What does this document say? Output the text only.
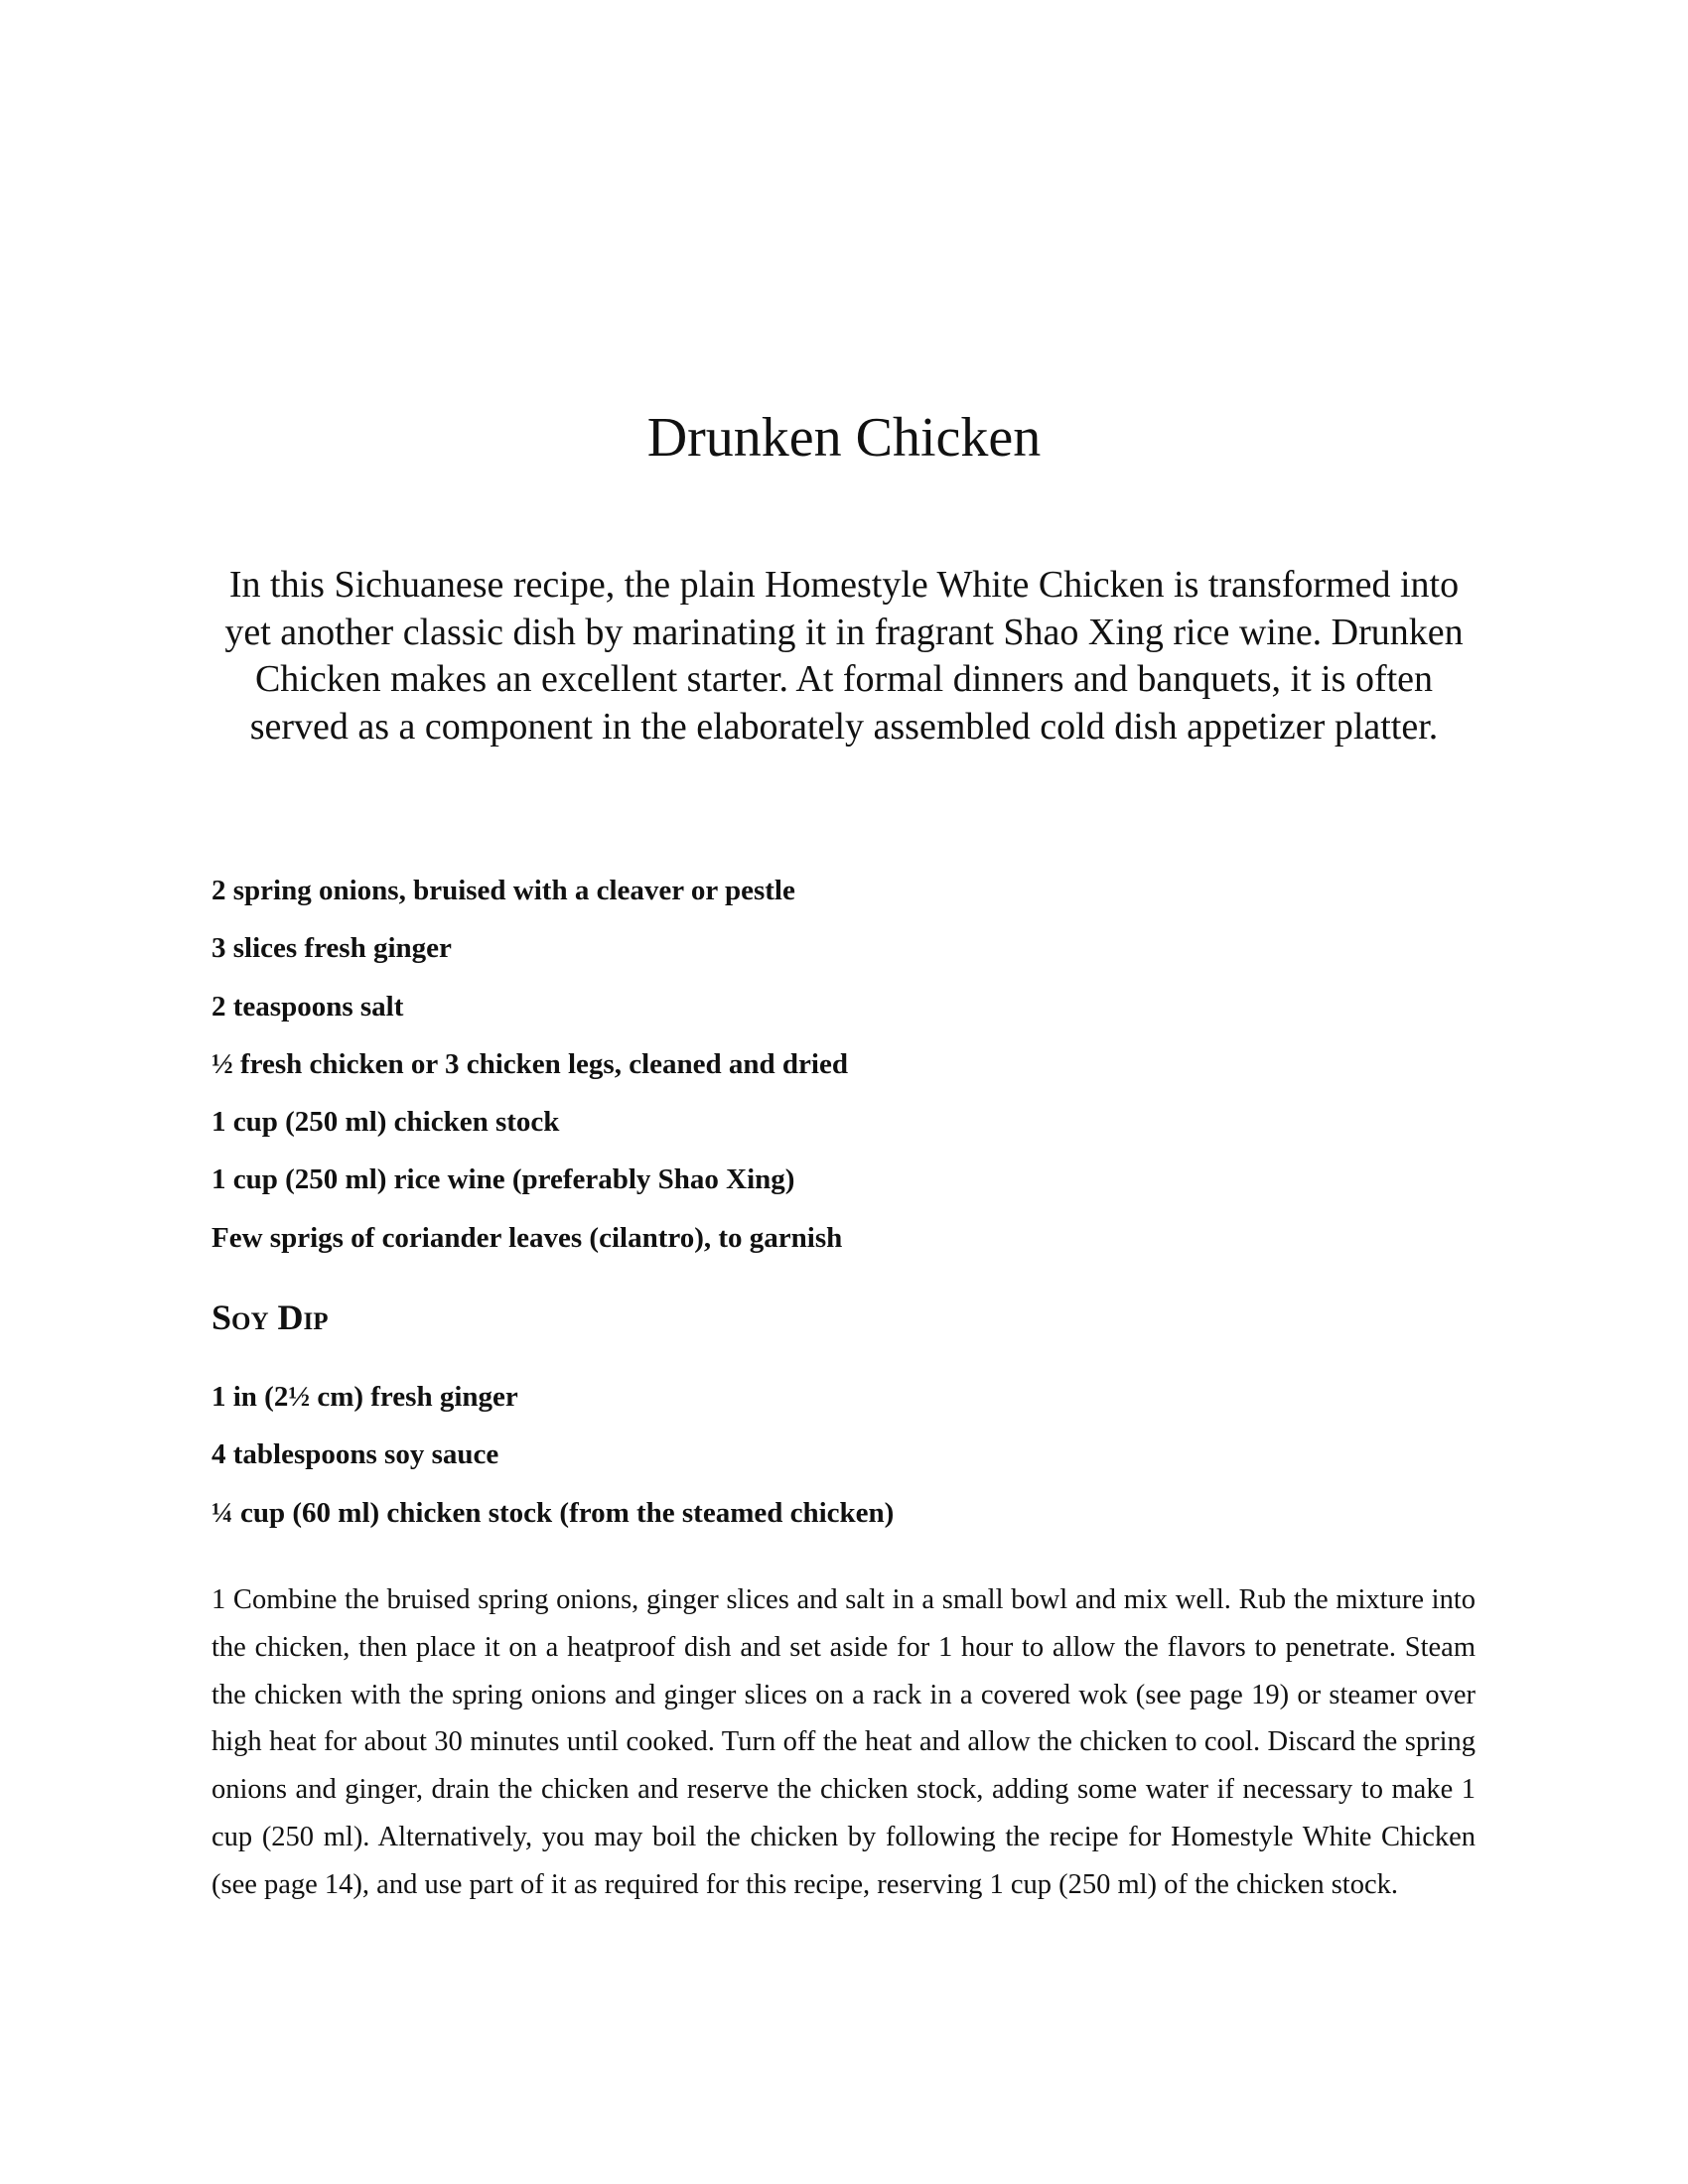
Drunken Chicken

In this Sichuanese recipe, the plain Homestyle White Chicken is transformed into yet another classic dish by marinating it in fragrant Shao Xing rice wine. Drunken Chicken makes an excellent starter. At formal dinners and banquets, it is often served as a component in the elaborately assembled cold dish appetizer platter.

2 spring onions, bruised with a cleaver or pestle
3 slices fresh ginger
2 teaspoons salt
½ fresh chicken or 3 chicken legs, cleaned and dried
1 cup (250 ml) chicken stock
1 cup (250 ml) rice wine (preferably Shao Xing)
Few sprigs of coriander leaves (cilantro), to garnish
Soy Dip
1 in (2½ cm) fresh ginger
4 tablespoons soy sauce
¼ cup (60 ml) chicken stock (from the steamed chicken)

1 Combine the bruised spring onions, ginger slices and salt in a small bowl and mix well. Rub the mixture into the chicken, then place it on a heatproof dish and set aside for 1 hour to allow the flavors to penetrate. Steam the chicken with the spring onions and ginger slices on a rack in a covered wok (see page 19) or steamer over high heat for about 30 minutes until cooked. Turn off the heat and allow the chicken to cool. Discard the spring onions and ginger, drain the chicken and reserve the chicken stock, adding some water if necessary to make 1 cup (250 ml). Alternatively, you may boil the chicken by following the recipe for Homestyle White Chicken (see page 14), and use part of it as required for this recipe, reserving 1 cup (250 ml) of the chicken stock.
